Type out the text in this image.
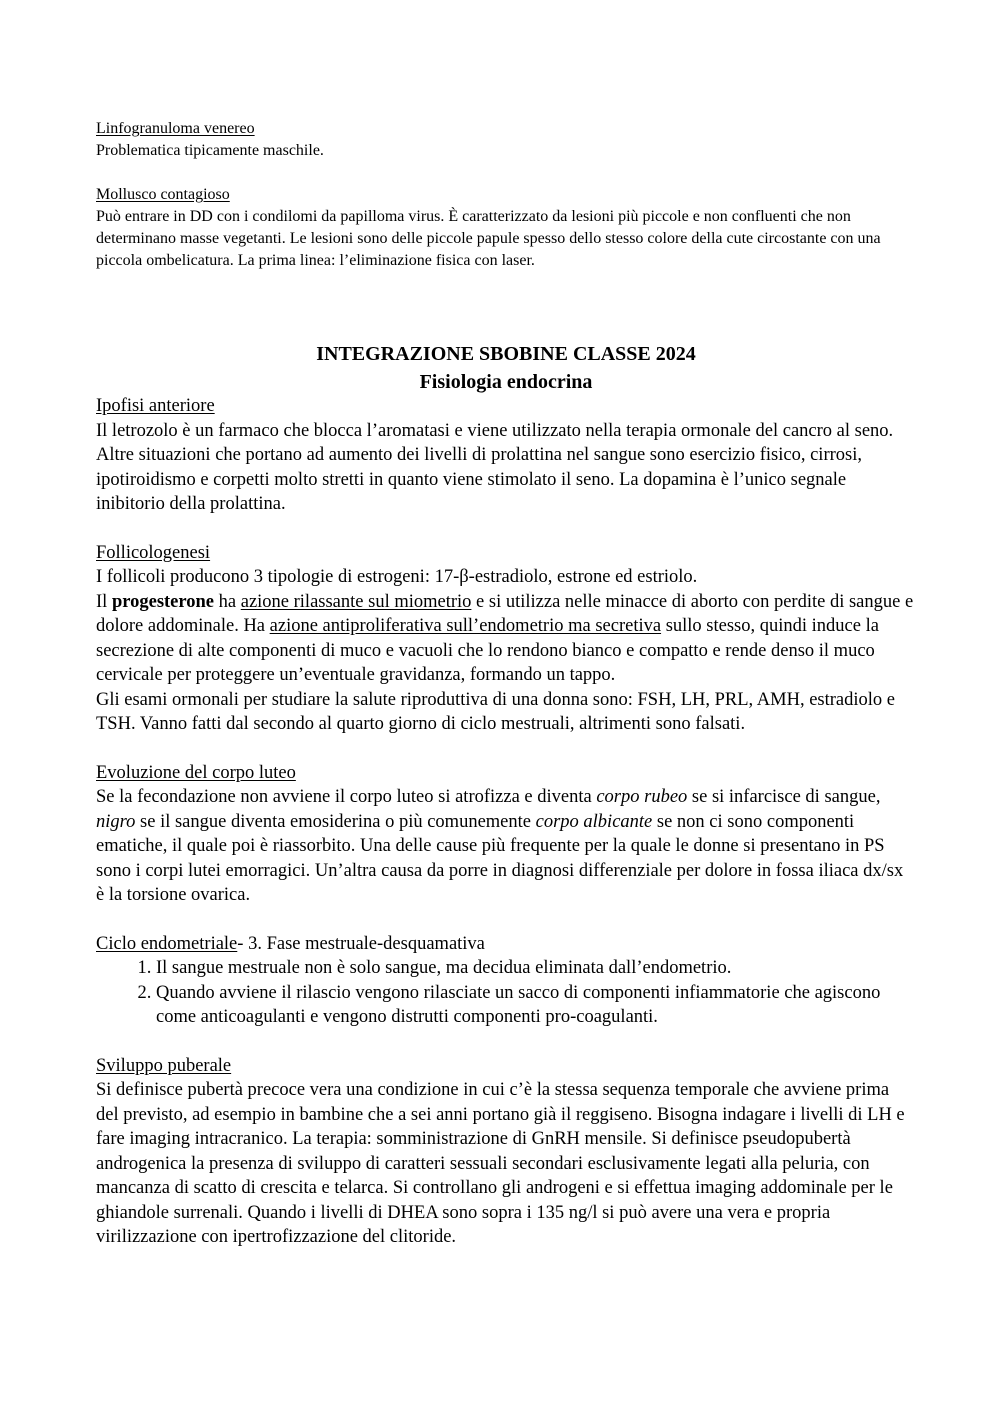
Linfogranuloma venereo

Problematica tipicamente maschile.

Mollusco contagioso

Può entrare in DD con i condilomi da papilloma virus. È caratterizzato da lesioni più piccole e non confluenti che non determinano masse vegetanti. Le lesioni sono delle piccole papule spesso dello stesso colore della cute circostante con una piccola ombelicatura. La prima linea: l’eliminazione fisica con laser.

INTEGRAZIONE SBOBINE CLASSE 2024

Fisiologia endocrina

Ipofisi anteriore

Il letrozolo è un farmaco che blocca l’aromatasi e viene utilizzato nella terapia ormonale del cancro al seno.

Altre situazioni che portano ad aumento dei livelli di prolattina nel sangue sono esercizio fisico, cirrosi, ipotiroidismo e corpetti molto stretti in quanto viene stimolato il seno. La dopamina è l’unico segnale inibitorio della prolattina.

Follicologenesi

I follicoli producono 3 tipologie di estrogeni: 17-β-estradiolo, estrone ed estriolo.

Il progesterone ha azione rilassante sul miometrio e si utilizza nelle minacce di aborto con perdite di sangue e dolore addominale. Ha azione antiproliferativa sull’endometrio ma secretiva sullo stesso, quindi induce la secrezione di alte componenti di muco e vacuoli che lo rendono bianco e compatto e rende denso il muco cervicale per proteggere un’eventuale gravidanza, formando un tappo.

Gli esami ormonali per studiare la salute riproduttiva di una donna sono: FSH, LH, PRL, AMH, estradiolo e TSH. Vanno fatti dal secondo al quarto giorno di ciclo mestruali, altrimenti sono falsati.

Evoluzione del corpo luteo

Se la fecondazione non avviene il corpo luteo si atrofizza e diventa corpo rubeo se si infarcisce di sangue, nigro se il sangue diventa emosiderina o più comunemente corpo albicante se non ci sono componenti ematiche, il quale poi è riassorbito. Una delle cause più frequente per la quale le donne si presentano in PS sono i corpi lutei emorragici. Un’altra causa da porre in diagnosi differenziale per dolore in fossa iliaca dx/sx è la torsione ovarica.

Ciclo endometriale- 3. Fase mestruale-desquamativa

1. Il sangue mestruale non è solo sangue, ma decidua eliminata dall’endometrio.
2. Quando avviene il rilascio vengono rilasciate un sacco di componenti infiammatorie che agiscono come anticoagulanti e vengono distrutti componenti pro-coagulanti.

Sviluppo puberale

Si definisce pubertà precoce vera una condizione in cui c’è la stessa sequenza temporale che avviene prima del previsto, ad esempio in bambine che a sei anni portano già il reggiseno. Bisogna indagare i livelli di LH e fare imaging intracranico. La terapia: somministrazione di GnRH mensile. Si definisce pseudopubertà androgenica la presenza di sviluppo di caratteri sessuali secondari esclusivamente legati alla peluria, con mancanza di scatto di crescita e telarca. Si controllano gli androgeni e si effettua imaging addominale per le ghiandole surrenali. Quando i livelli di DHEA sono sopra i 135 ng/l si può avere una vera e propria virilizzazione con ipertrofizzazione del clitoride.
